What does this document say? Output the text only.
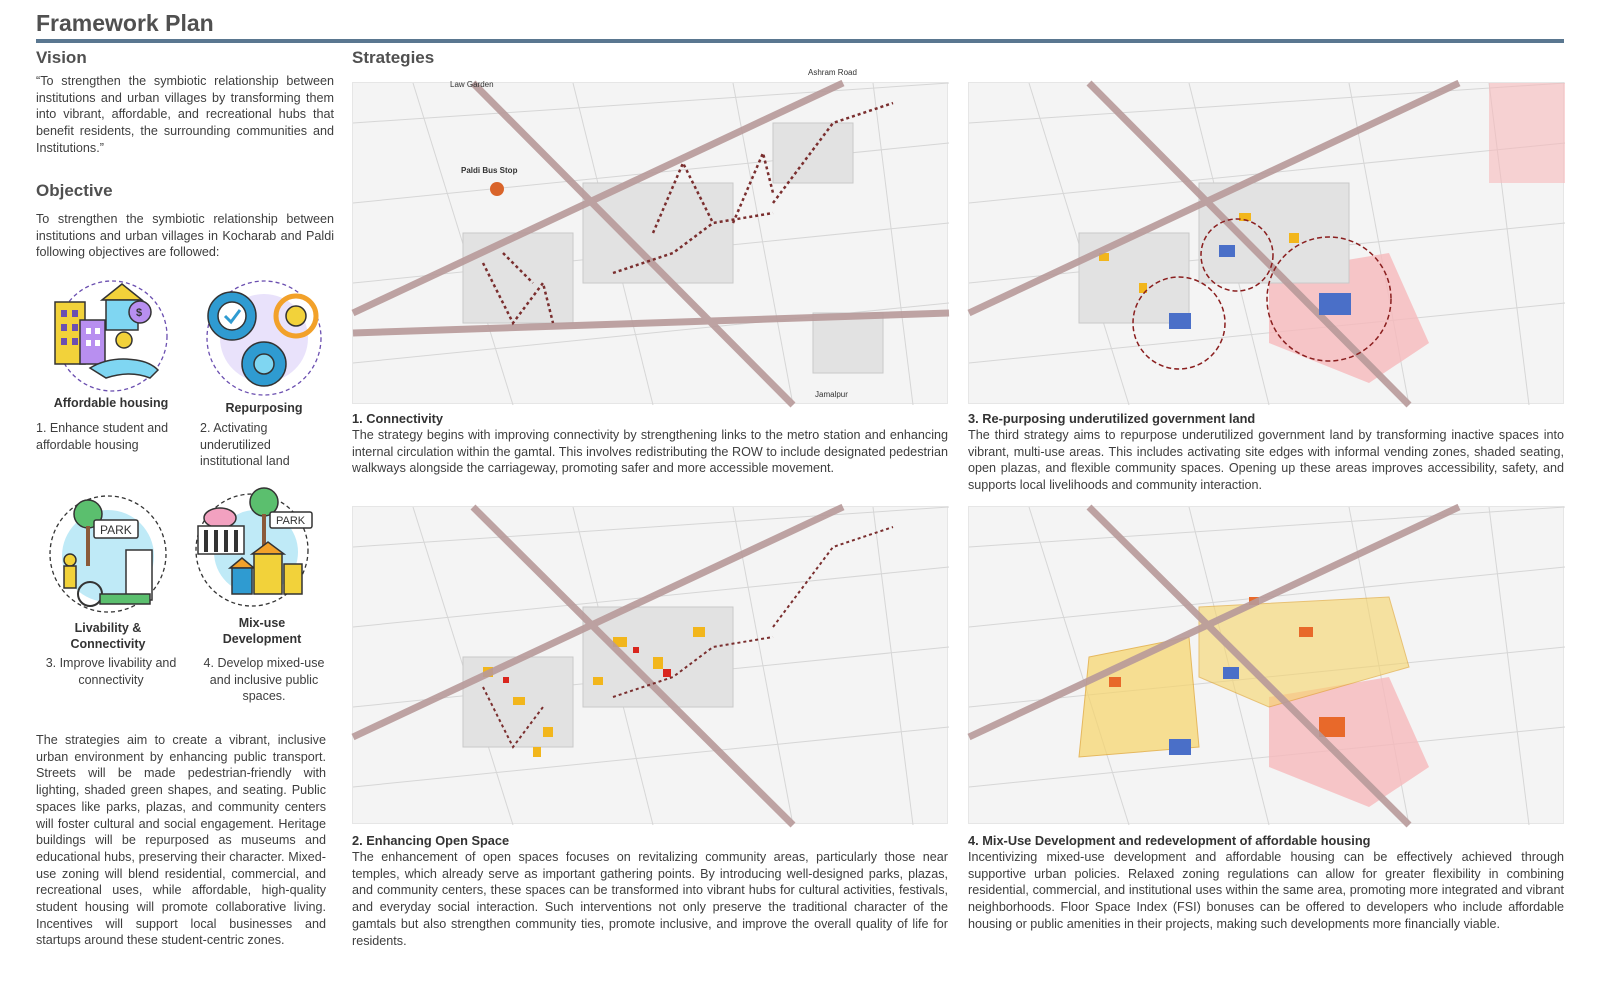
Framework Plan
Vision
“To strengthen the symbiotic relationship between institutions and urban villages by transforming them into vibrant, affordable, and recreational hubs that benefit residents, the surrounding communities and Institutions.”
Objective
To strengthen the symbiotic relationship between institutions and urban villages in Kocharab and Paldi following objectives are followed:
$
Affordable housing
1. Enhance student and affordable housing
Repurposing
2. Activating underutilized institutional land
PARK
Livability & Connectivity
3. Improve livability and connectivity
PARK
Mix-use Development
4. Develop mixed-use and inclusive public spaces.
The strategies aim to create a vibrant, inclusive urban environment by enhancing public transport. Streets will be made pedestrian-friendly with lighting, shaded green shapes, and seating. Public spaces like parks, plazas, and community centers will foster cultural and social engagement. Heritage buildings will be repurposed as museums and educational hubs, preserving their character. Mixed-use zoning will blend residential, commercial, and recreational uses, while affordable, high-quality student housing will promote collaborative living. Incentives will support local businesses and startups around these student-centric zones.
Strategies
Law Garden
Ashram Road
Paldi Bus Stop
Jamalpur
1. Connectivity
The strategy begins with improving connectivity by strengthening links to the metro station and enhancing internal circulation within the gamtal. This involves redistributing the ROW to include designated pedestrian walkways alongside the carriageway, promoting safer and more accessible movement.
3. Re-purposing underutilized government land
The third strategy aims to repurpose underutilized government land by transforming inactive spaces into vibrant, multi-use areas. This includes activating site edges with informal vending zones, shaded seating, open plazas, and flexible community spaces. Opening up these areas improves accessibility, safety, and supports local livelihoods and community interaction.
2. Enhancing Open Space
The enhancement of open spaces focuses on revitalizing community areas, particularly those near temples, which already serve as important gathering points. By introducing well-designed parks, plazas, and community centers, these spaces can be transformed into vibrant hubs for cultural activities, festivals, and everyday social interaction. Such interventions not only preserve the traditional character of the gamtals but also strengthen community ties, promote inclusive, and improve the overall quality of life for residents.
4. Mix-Use Development and redevelopment of affordable housing
Incentivizing mixed-use development and affordable housing can be effectively achieved through supportive urban policies. Relaxed zoning regulations can allow for greater flexibility in combining residential, commercial, and institutional uses within the same area, promoting more integrated and vibrant neighborhoods. Floor Space Index (FSI) bonuses can be offered to developers who include affordable housing or public amenities in their projects, making such developments more financially viable.
